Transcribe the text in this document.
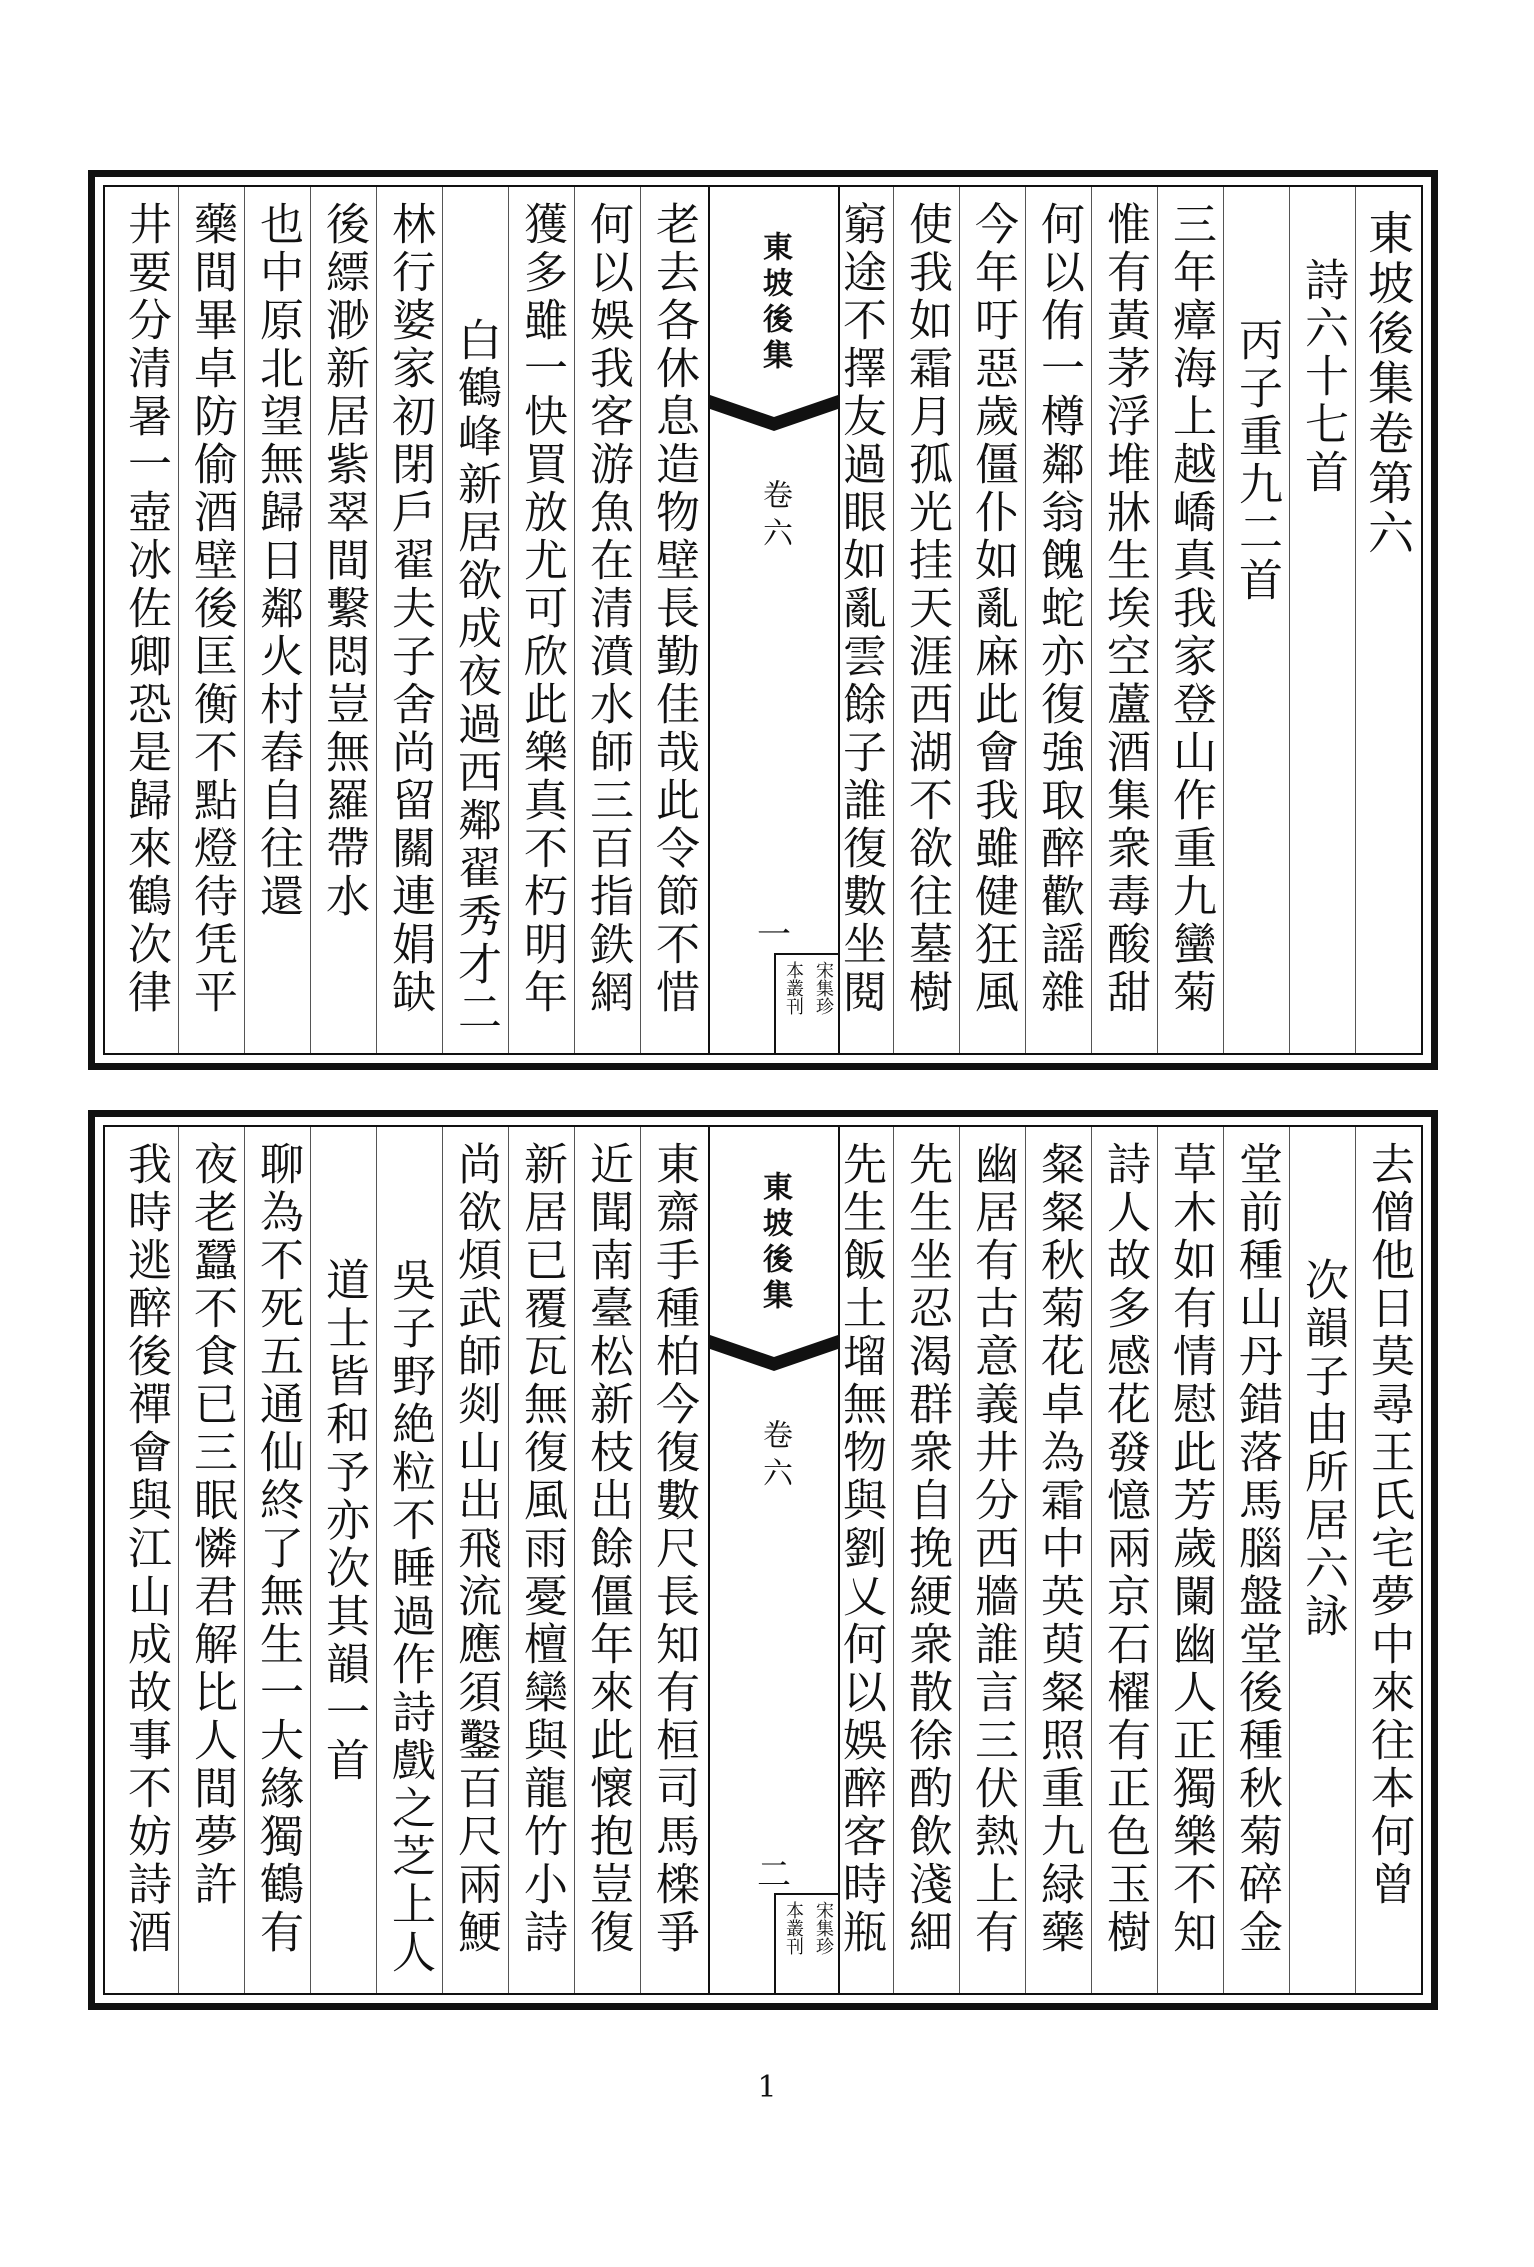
東坡後集卷第六
詩六十七首
丙子重九二首
三年瘴海上越嶠真我家登山作重九蠻菊
惟有黃茅浮堆牀生埃空蘆酒集衆毒酸甜
何以侑一樽鄰翁餽蛇亦復強取醉歡謡雜
今年吁惡歲僵仆如亂麻此會我雖健狂風
使我如霜月孤光挂天涯西湖不欲往墓樹
窮途不擇友過眼如亂雲餘子誰復數坐閱
東坡後集
卷六
一
宋集珍
本叢刊
老去各休息造物壁長勤佳哉此令節不惜
何以娛我客游魚在清濆水師三百指鉄網
獲多雖一快買放尤可欣此樂真不朽明年
白鶴峰新居欲成夜過西鄰翟秀才二
林行婆家初閉戶翟夫子舍尚留關連娟缺
後縹渺新居紫翠間繫悶豈無羅帶水
也中原北望無歸日鄰火村舂自往還
藥間畢卓防偷酒壁後匡衡不點燈待凭平
井要分清暑一壺冰佐卿恐是歸來鶴次律
去僧他日莫尋王氏宅夢中來往本何曾
次韻子由所居六詠
堂前種山丹錯落馬腦盤堂後種秋菊碎金
草木如有情慰此芳歲闌幽人正獨樂不知
詩人故多感花發憶兩京石櫂有正色玉樹
粲粲秋菊花卓為霜中英萸粲照重九緑藥
幽居有古意義井分西牆誰言三伏熱上有
先生坐忍渴群衆自挽綆衆散徐酌飲淺細
先生飯土塯無物與劉乂何以娛醉客時瓶
東坡後集
卷六
二
宋集珍
本叢刊
東齋手種柏今復數尺長知有桓司馬檪爭
近聞南臺松新枝出餘僵年來此懷抱豈復
新居已覆瓦無復風雨憂檀欒與龍竹小詩
尚欲煩武師剡山出飛流應須鑿百尺兩鯁
吳子野絶粒不睡過作詩戲之芝上人
道士皆和予亦次其韻一首
聊為不死五通仙終了無生一大緣獨鶴有
夜老蠶不食已三眠憐君解比人間夢許
我時逃醉後禪會與江山成故事不妨詩酒
1
